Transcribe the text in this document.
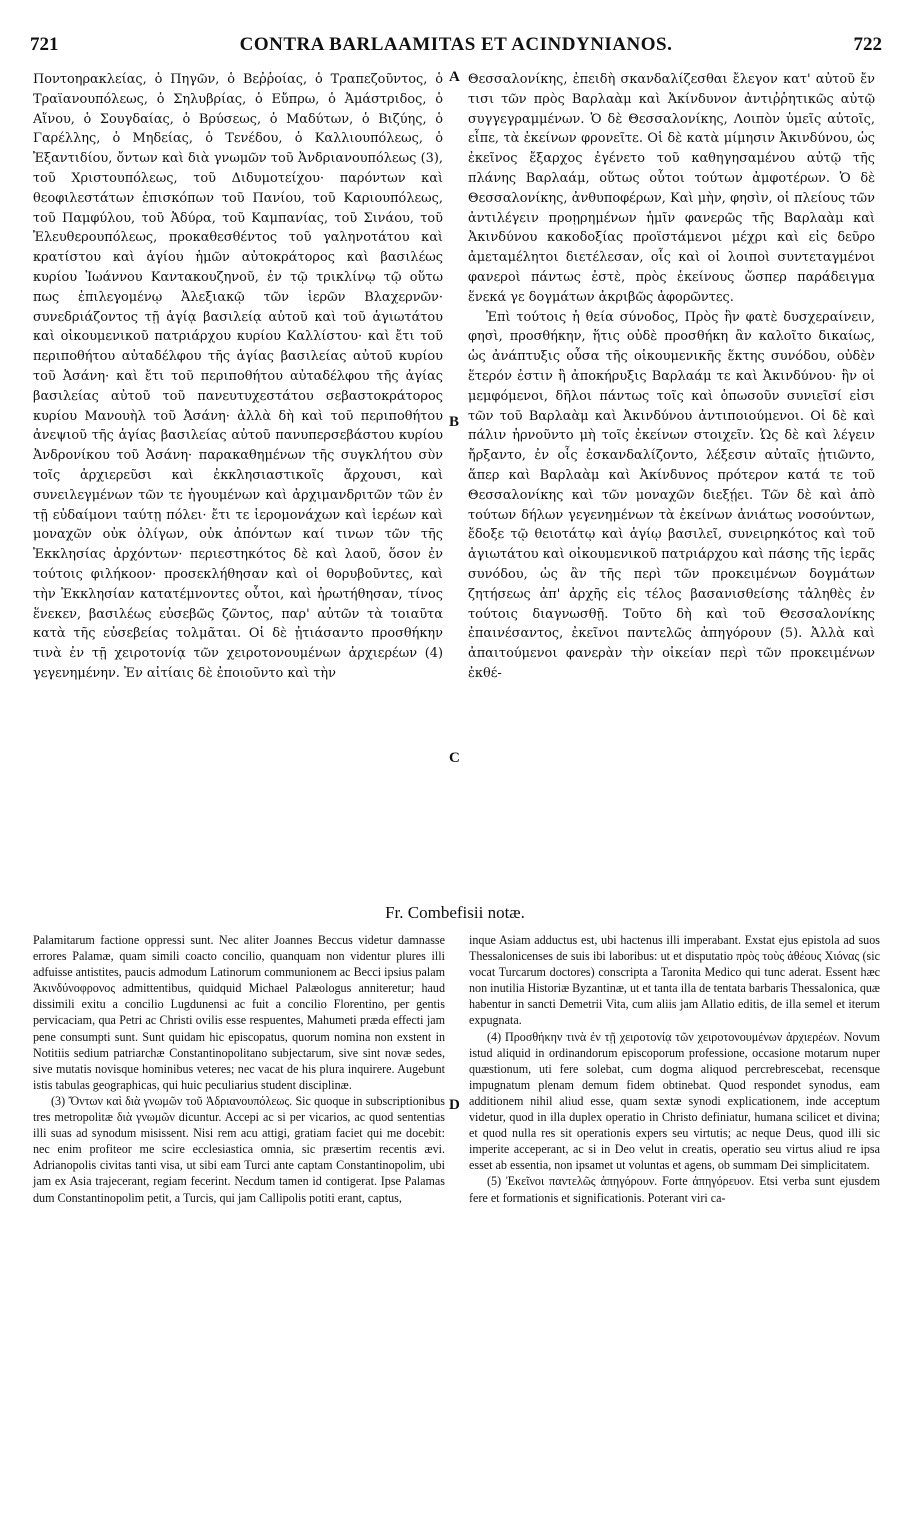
721	CONTRA BARLAAMITAS ET ACINDYNIANOS.	722

Ποντοηρακλείας, ὁ Πηγῶν, ὁ Βεῤῥοίας, ὁ Τραπεζοῦντος, ὁ Τραϊανουπόλεως, ὁ Σηλυβρίας, ὁ Εὔπρω, ὁ Ἀμάστριδος, ὁ Αἴνου, ὁ Σουγδαίας, ὁ Βρύσεως, ὁ Μαδύτων, ὁ Βιζύης, ὁ Γαρέλλης, ὁ Μηδείας, ὁ Τενέδου, ὁ Καλλιουπόλεως, ὁ Ἐξαντιδίου, ὄντων καὶ διὰ γνωμῶν τοῦ Ἀνδριανουπόλεως (3), τοῦ Χριστουπόλεως, τοῦ Διδυμοτείχου· παρόντων καὶ θεοφιλεστάτων ἐπισκόπων τοῦ Πανίου, τοῦ Καριουπόλεως, τοῦ Παμφύλου, τοῦ Ἀδύρα, τοῦ Καμπανίας, τοῦ Σινάου, τοῦ Ἐλευθερουπόλεως, προκαθεσθέντος τοῦ γαληνοτάτου καὶ κρατίστου καὶ ἁγίου ἡμῶν αὐτοκράτορος καὶ βασιλέως κυρίου Ἰωάννου Καντακουζηνοῦ, ἐν τῷ τρικλίνῳ τῷ οὕτω πως ἐπιλεγομένῳ Ἀλεξιακῷ τῶν ἱερῶν Βλαχερνῶν· συνεδριάζοντος τῇ ἁγίᾳ βασιλείᾳ αὐτοῦ καὶ τοῦ ἁγιωτάτου καὶ οἰκουμενικοῦ πατριάρχου κυρίου Καλλίστου· καὶ ἔτι τοῦ περιποθήτου αὐταδέλφου τῆς ἁγίας βασιλείας αὐτοῦ κυρίου τοῦ Ἀσάνη· καὶ ἔτι τοῦ περιποθήτου αὐταδέλφου τῆς ἁγίας βασιλείας αὐτοῦ τοῦ πανευτυχεστάτου σεβαστοκράτορος κυρίου Μανουὴλ τοῦ Ἀσάνη· ἀλλὰ δὴ καὶ τοῦ περιποθήτου ἀνεψιοῦ τῆς ἁγίας βασιλείας αὐτοῦ πανυπερσεβάστου κυρίου Ἀνδρονίκου τοῦ Ἀσάνη· παρακαθημένων τῆς συγκλήτου σὺν τοῖς ἀρχιερεῦσι καὶ ἐκκλησιαστικοῖς ἄρχουσι, καὶ συνειλεγμένων τῶν τε ἡγουμένων καὶ ἀρχιμανδριτῶν τῶν ἐν τῇ εὐδαίμονι ταύτῃ πόλει· ἔτι τε ἱερομονάχων καὶ ἱερέων καὶ μοναχῶν οὐκ ὀλίγων, οὐκ ἀπόντων καί τινων τῶν τῆς Ἐκκλησίας ἀρχόντων· περιεστηκότος δὲ καὶ λαοῦ, ὅσον ἐν τούτοις φιλήκοον· προσεκλήθησαν καὶ οἱ θορυβοῦντες, καὶ τὴν Ἐκκλησίαν κατατέμνοντες οὗτοι, καὶ ἠρωτήθησαν, τίνος ἕνεκεν, βασιλέως εὐσεβῶς ζῶντος, παρ' αὐτῶν τὰ τοιαῦτα κατὰ τῆς εὐσεβείας τολμᾶται. Οἱ δὲ ᾐτιάσαντο προσθήκην τινὰ ἐν τῇ χειροτονίᾳ τῶν χειροτονουμένων ἀρχιερέων (4) γεγενημένην. Ἐν αἰτίαις δὲ ἐποιοῦντο καὶ τὴν

Θεσσαλονίκης, ἐπειδὴ σκανδαλίζεσθαι ἔλεγον κατ' αὐτοῦ ἔν τισι τῶν πρὸς Βαρλαὰμ καὶ Ἀκίνδυνον ἀντιῤῥητικῶς αὐτῷ συγγεγραμμένων. Ὁ δὲ Θεσσαλονίκης, Λοιπὸν ὑμεῖς αὐτοῖς, εἶπε, τὰ ἐκείνων φρονεῖτε. Οἱ δὲ κατὰ μίμησιν Ἀκινδύνου, ὡς ἐκεῖνος ἔξαρχος ἐγένετο τοῦ καθηγησαμένου αὐτῷ τῆς πλάνης Βαρλαάμ, οὕτως οὗτοι τούτων ἀμφοτέρων. Ὁ δὲ Θεσσαλονίκης, ἀνθυποφέρων, Καὶ μὴν, φησὶν, οἱ πλείους τῶν ἀντιλέγειν προῃρημένων ἡμῖν φανερῶς τῆς Βαρλαὰμ καὶ Ἀκινδύνου κακοδοξίας προϊστάμενοι μέχρι καὶ εἰς δεῦρο ἀμεταμέλητοι διετέλεσαν, οἷς καὶ οἱ λοιποὶ συντεταγμένοι φανεροὶ πάντως ἐστὲ, πρὸς ἐκείνους ὥσπερ παράδειγμα ἕνεκά γε δογμάτων ἀκριβῶς ἀφορῶντες.

Ἐπὶ τούτοις ἡ θεία σύνοδος, Πρὸς ἣν φατὲ δυσχεραίνειν, φησὶ, προσθήκην, ἥτις οὐδὲ προσθήκη ἂν καλοῖτο δικαίως, ὡς ἀνάπτυξις οὖσα τῆς οἰκουμενικῆς ἕκτης συνόδου, οὐδὲν ἕτερόν ἐστιν ἢ ἀποκήρυξις Βαρλαάμ τε καὶ Ἀκινδύνου· ἣν οἱ μεμφόμενοι, δῆλοι πάντως τοῖς καὶ ὁπωσοῦν συνιεῖσί εἰσι τῶν τοῦ Βαρλαὰμ καὶ Ἀκινδύνου ἀντιποιούμενοι. Οἱ δὲ καὶ πάλιν ἠρνοῦντο μὴ τοῖς ἐκείνων στοιχεῖν. Ὡς δὲ καὶ λέγειν ἤρξαντο, ἐν οἷς ἐσκανδαλίζοντο, λέξεσιν αὐταῖς ᾐτιῶντο, ἅπερ καὶ Βαρλαὰμ καὶ Ἀκίνδυνος πρότερον κατά τε τοῦ Θεσσαλονίκης καὶ τῶν μοναχῶν διεξῄει. Τῶν δὲ καὶ ἀπὸ τούτων δήλων γεγενημένων τὰ ἐκείνων ἀνιάτως νοσούντων, ἔδοξε τῷ θειοτάτῳ καὶ ἁγίῳ βασιλεῖ, συνειρηκότος καὶ τοῦ ἁγιωτάτου καὶ οἰκουμενικοῦ πατριάρχου καὶ πάσης τῆς ἱερᾶς συνόδου, ὡς ἂν τῆς περὶ τῶν προκειμένων δογμάτων ζητήσεως ἀπ' ἀρχῆς εἰς τέλος βασανισθείσης τἀληθὲς ἐν τούτοις διαγνωσθῇ. Τοῦτο δὴ καὶ τοῦ Θεσσαλονίκης ἐπαινέσαντος, ἐκεῖνοι παντελῶς ἀπηγόρουν (5). Ἀλλὰ καὶ ἀπαιτούμενοι φανερὰν τὴν οἰκείαν περὶ τῶν προκειμένων ἐκθέ-

A
B
C
D
Fr. Combefisii notæ.

Palamitarum factione oppressi sunt. Nec aliter Joannes Beccus videtur damnasse errores Palamæ, quam simili coacto concilio, quanquam non videntur plures illi adfuisse antistites, paucis admodum Latinorum communionem ac Becci ipsius palam Ἀκινδύνοφρονος admittentibus, quidquid Michael Palæologus anniteretur; haud dissimili exitu a concilio Lugdunensi ac fuit a concilio Florentino, per gentis pervicaciam, qua Petri ac Christi ovilis esse respuentes, Mahumeti præda effecti jam pene consumpti sunt. Sunt quidam hic episcopatus, quorum nomina non exstent in Notitiis sedium patriarchæ Constantinopolitano subjectarum, sive sint novæ sedes, sive mutatis novisque hominibus veteres; nec vacat de his plura inquirere. Augebunt istis tabulas geographicas, qui huic peculiarius student disciplinæ.

(3) Ὄντων καὶ διὰ γνωμῶν τοῦ Ἀδριανουπόλεως. Sic quoque in subscriptionibus tres metropolitæ διὰ γνωμῶν dicuntur. Accepi ac si per vicarios, ac quod sententias illi suas ad synodum misissent. Nisi rem acu attigi, gratiam faciet qui me docebit: nec enim profiteor me scire ecclesiastica omnia, sic præsertim recentis ævi. Adrianopolis civitas tanti visa, ut sibi eam Turci ante captam Constantinopolim, ubi jam ex Asia trajecerant, regiam fecerint. Necdum tamen id contigerat. Ipse Palamas dum Constantinopolim petit, a Turcis, qui jam Callipolis potiti erant, captus,

inque Asiam adductus est, ubi hactenus illi imperabant. Exstat ejus epistola ad suos Thessalonicenses de suis ibi laboribus: ut et disputatio πρὸς τοὺς ἀθέους Χιόνας (sic vocat Turcarum doctores) conscripta a Taronita Medico qui tunc aderat. Essent hæc non inutilia Historiæ Byzantinæ, ut et tanta illa de tentata barbaris Thessalonica, quæ habentur in sancti Demetrii Vita, cum aliis jam Allatio editis, de illa semel et iterum expugnata.

(4) Προσθήκην τινὰ ἐν τῇ χειροτονίᾳ τῶν χειροτονουμένων ἀρχιερέων. Novum istud aliquid in ordinandorum episcoporum professione, occasione motarum nuper quæstionum, uti fere solebat, cum dogma aliquod percrebrescebat, recensque impugnatum plenam demum fidem obtinebat. Quod respondet synodus, eam additionem nihil aliud esse, quam sextæ synodi explicationem, inde acceptum videtur, quod in illa duplex operatio in Christo definiatur, humana scilicet et divina; et quod nulla res sit operationis expers seu virtutis; ac neque Deus, quod illi sic imperite acceperant, ac si in Deo velut in creatis, operatio seu virtus aliud re ipsa esset ab essentia, non ipsamet ut voluntas et agens, ob summam Dei simplicitatem.

(5) Ἐκεῖνοι παντελῶς ἀπηγόρουν. Forte ἀπηγόρευον. Etsi verba sunt ejusdem fere et formationis et significationis. Poterant viri ca-
